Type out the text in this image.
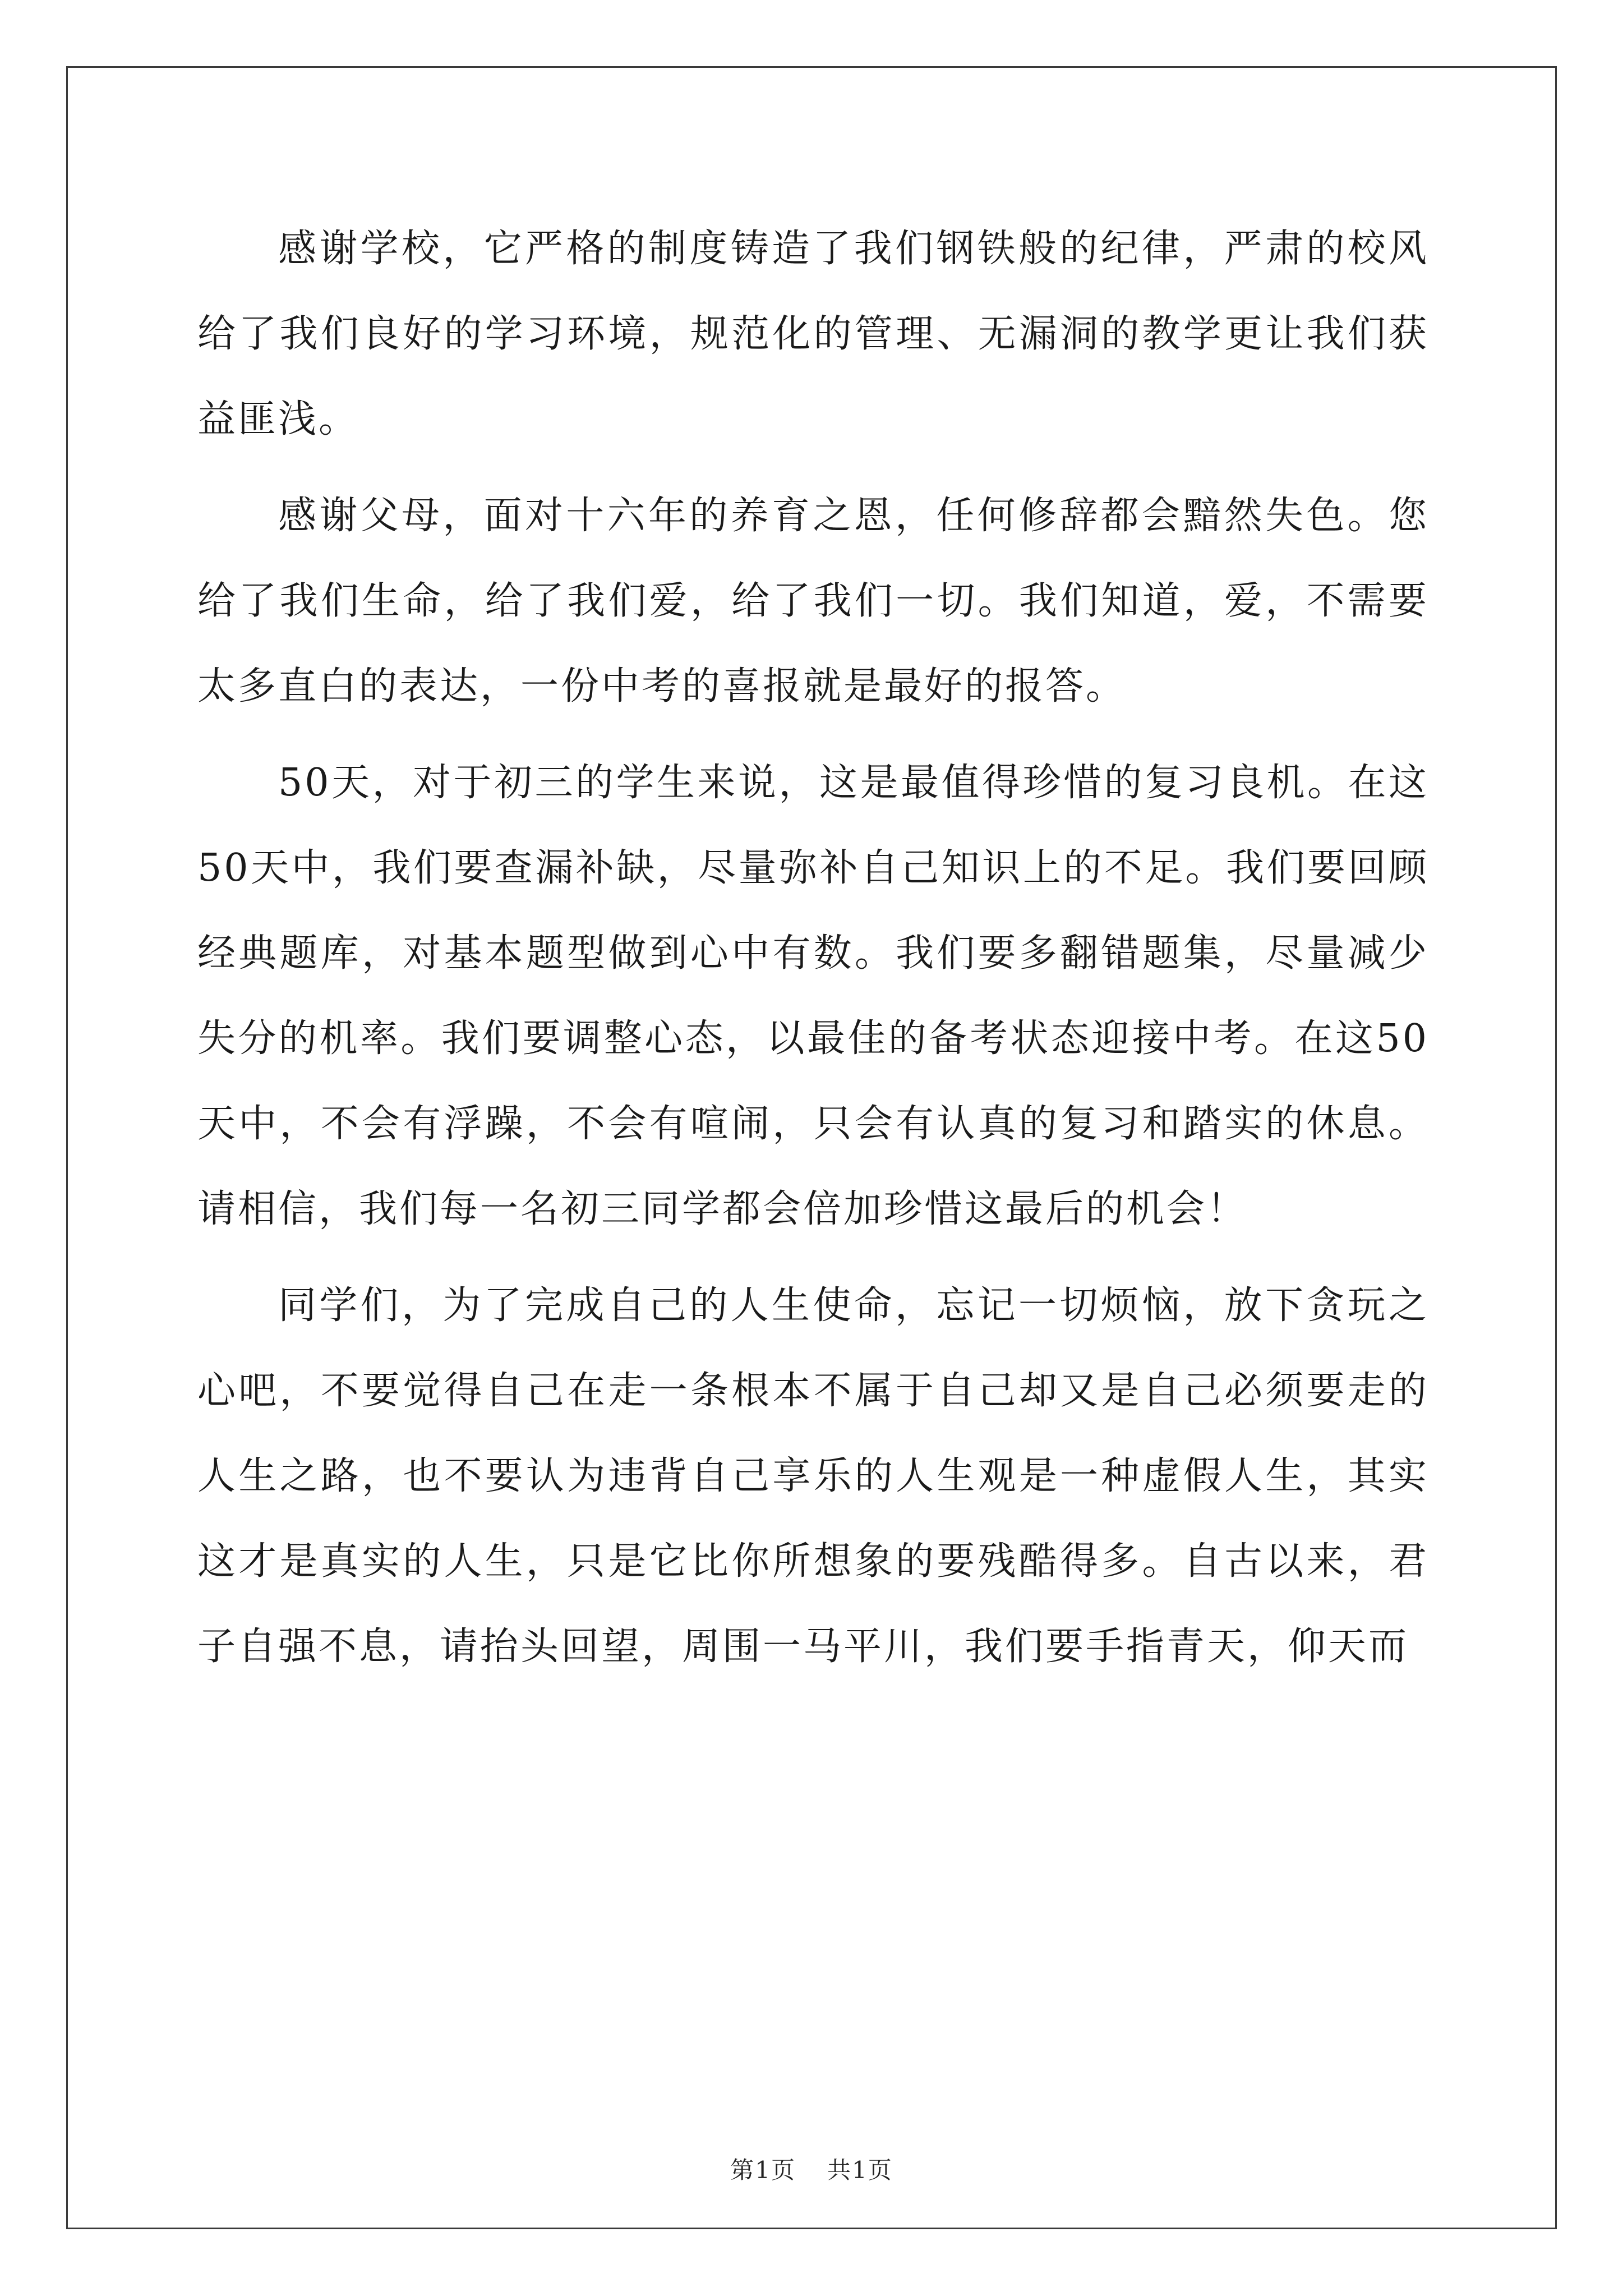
感谢学校，它严格的制度铸造了我们钢铁般的纪律，严肃的校风给了我们良好的学习环境，规范化的管理、无漏洞的教学更让我们获益匪浅。

感谢父母，面对十六年的养育之恩，任何修辞都会黯然失色。您给了我们生命，给了我们爱，给了我们一切。我们知道，爱，不需要太多直白的表达，一份中考的喜报就是最好的报答。

50天，对于初三的学生来说，这是最值得珍惜的复习良机。在这50天中，我们要查漏补缺，尽量弥补自己知识上的不足。我们要回顾经典题库，对基本题型做到心中有数。我们要多翻错题集，尽量减少失分的机率。我们要调整心态，以最佳的备考状态迎接中考。在这50天中，不会有浮躁，不会有喧闹，只会有认真的复习和踏实的休息。请相信，我们每一名初三同学都会倍加珍惜这最后的机会！

同学们，为了完成自己的人生使命，忘记一切烦恼，放下贪玩之心吧，不要觉得自己在走一条根本不属于自己却又是自己必须要走的人生之路，也不要认为违背自己享乐的人生观是一种虚假人生，其实这才是真实的人生，只是它比你所想象的要残酷得多。自古以来，君子自强不息，请抬头回望，周围一马平川，我们要手指青天，仰天而

第1页 共1页
